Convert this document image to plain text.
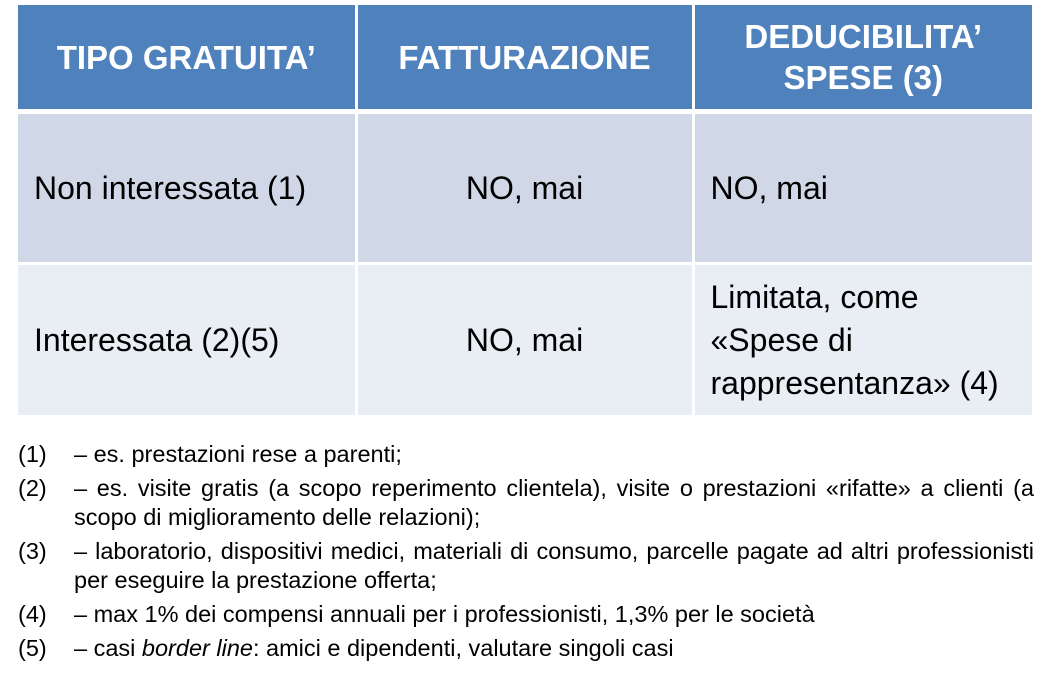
TIPO GRATUITA’	FATTURAZIONE	DEDUCIBILITA’ SPESE (3)
Non interessata (1)	NO, mai	NO, mai
Interessata (2)(5)	NO, mai	Limitata, come «Spese di rappresentanza» (4)
(1)	– es. prestazioni rese a parenti;
(2)	– es. visite gratis (a scopo reperimento clientela), visite o prestazioni «rifatte» a clienti (a scopo di miglioramento delle relazioni);
(3)	– laboratorio, dispositivi medici, materiali di consumo, parcelle pagate ad altri professionisti per eseguire la prestazione offerta;
(4)	– max 1% dei compensi annuali per i professionisti, 1,3% per le società
(5)	– casi border line: amici e dipendenti, valutare singoli casi
